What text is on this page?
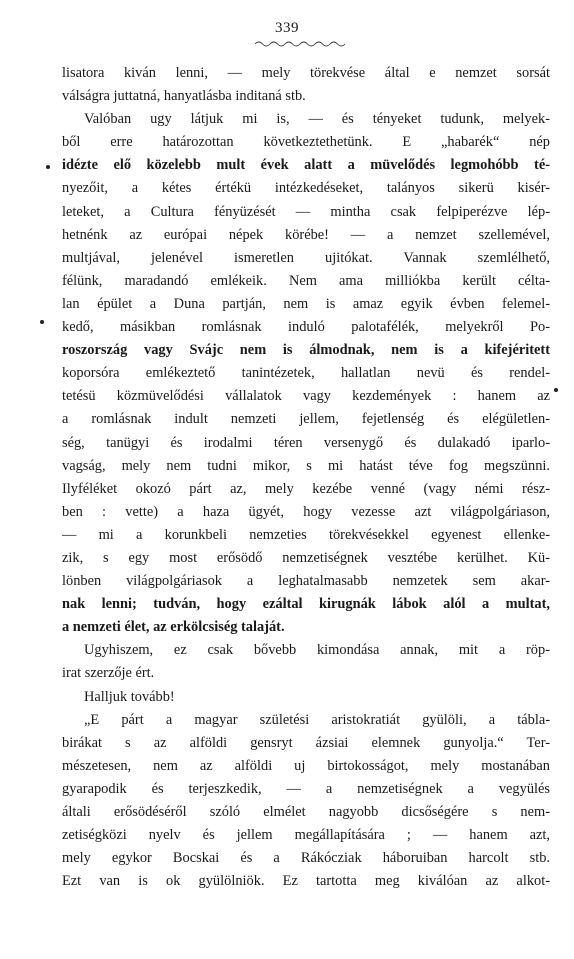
339
lisatora kiván lenni, — mely törekvése által e nemzet sorsát
válságra juttatná, hanyatlásba inditaná stb.
Valóban ugy látjuk mi is, — és tényeket tudunk, melyek-
ből erre határozottan következtethetünk. E „habarék“ nép
idézte elő közelebb mult évek alatt a müvelődés legmohóbb té-
nyezőit, a kétes értékü intézkedéseket, talányos sikerü kisér-
leteket, a Cultura fényüzését — mintha csak felpiperézve lép-
hetnénk az európai népek körébe! — a nemzet szellemével,
multjával, jelenével ismeretlen ujitókat. Vannak szemlélhető,
félünk, maradandó emlékeik. Nem ama milliókba került célta-
lan épület a Duna partján, nem is amaz egyik évben felemel-
kedő, másikban romlásnak induló palotafélék, melyekről Po-
roszország vagy Svájc nem is álmodnak, nem is a kifejéritett
koporsóra emlékeztető tanintézetek, hallatlan nevü és rendel-
tetésü közmüvelődési vállalatok vagy kezdemények : hanem az
a romlásnak indult nemzeti jellem, fejetlenség és elégületlen-
ség, tanügyi és irodalmi téren versenygő és dulakadó iparlo-
vagság, mely nem tudni mikor, s mi hatást téve fog megszünni.
Ilyféléket okozó párt az, mely kezébe venné (vagy némi rész-
ben : vette) a haza ügyét, hogy vezesse azt világpolgáriason,
— mi a korunkbeli nemzeties törekvésekkel egyenest ellenke-
zik, s egy most erősödő nemzetiségnek vesztébe kerülhet. Kü-
lönben világpolgáriasok a leghatalmasabb nemzetek sem akar-
nak lenni; tudván, hogy ezáltal kirugnák lábok alól a multat,
a nemzeti élet, az erkölcsiség talaját.
Ugyhiszem, ez csak bővebb kimondása annak, mit a röp-
irat szerzője ért.
Halljuk tovább!
„E párt a magyar születési aristokratiát gyülöli, a tábla-
birákat s az alföldi gensryt ázsiai elemnek gunyolja.“ Ter-
mészetesen, nem az alföldi uj birtokosságot, mely mostanában
gyarapodik és terjeszkedik, — a nemzetiségnek a vegyülés
általi erősödéséről szóló elmélet nagyobb dicsőségére s nem-
zetiségközi nyelv és jellem megállapítására ; — hanem azt,
mely egykor Bocskai és a Rákócziak háboruiban harcolt stb.
Ezt van is ok gyülölniök. Ez tartotta meg kiválóan az alkot-
